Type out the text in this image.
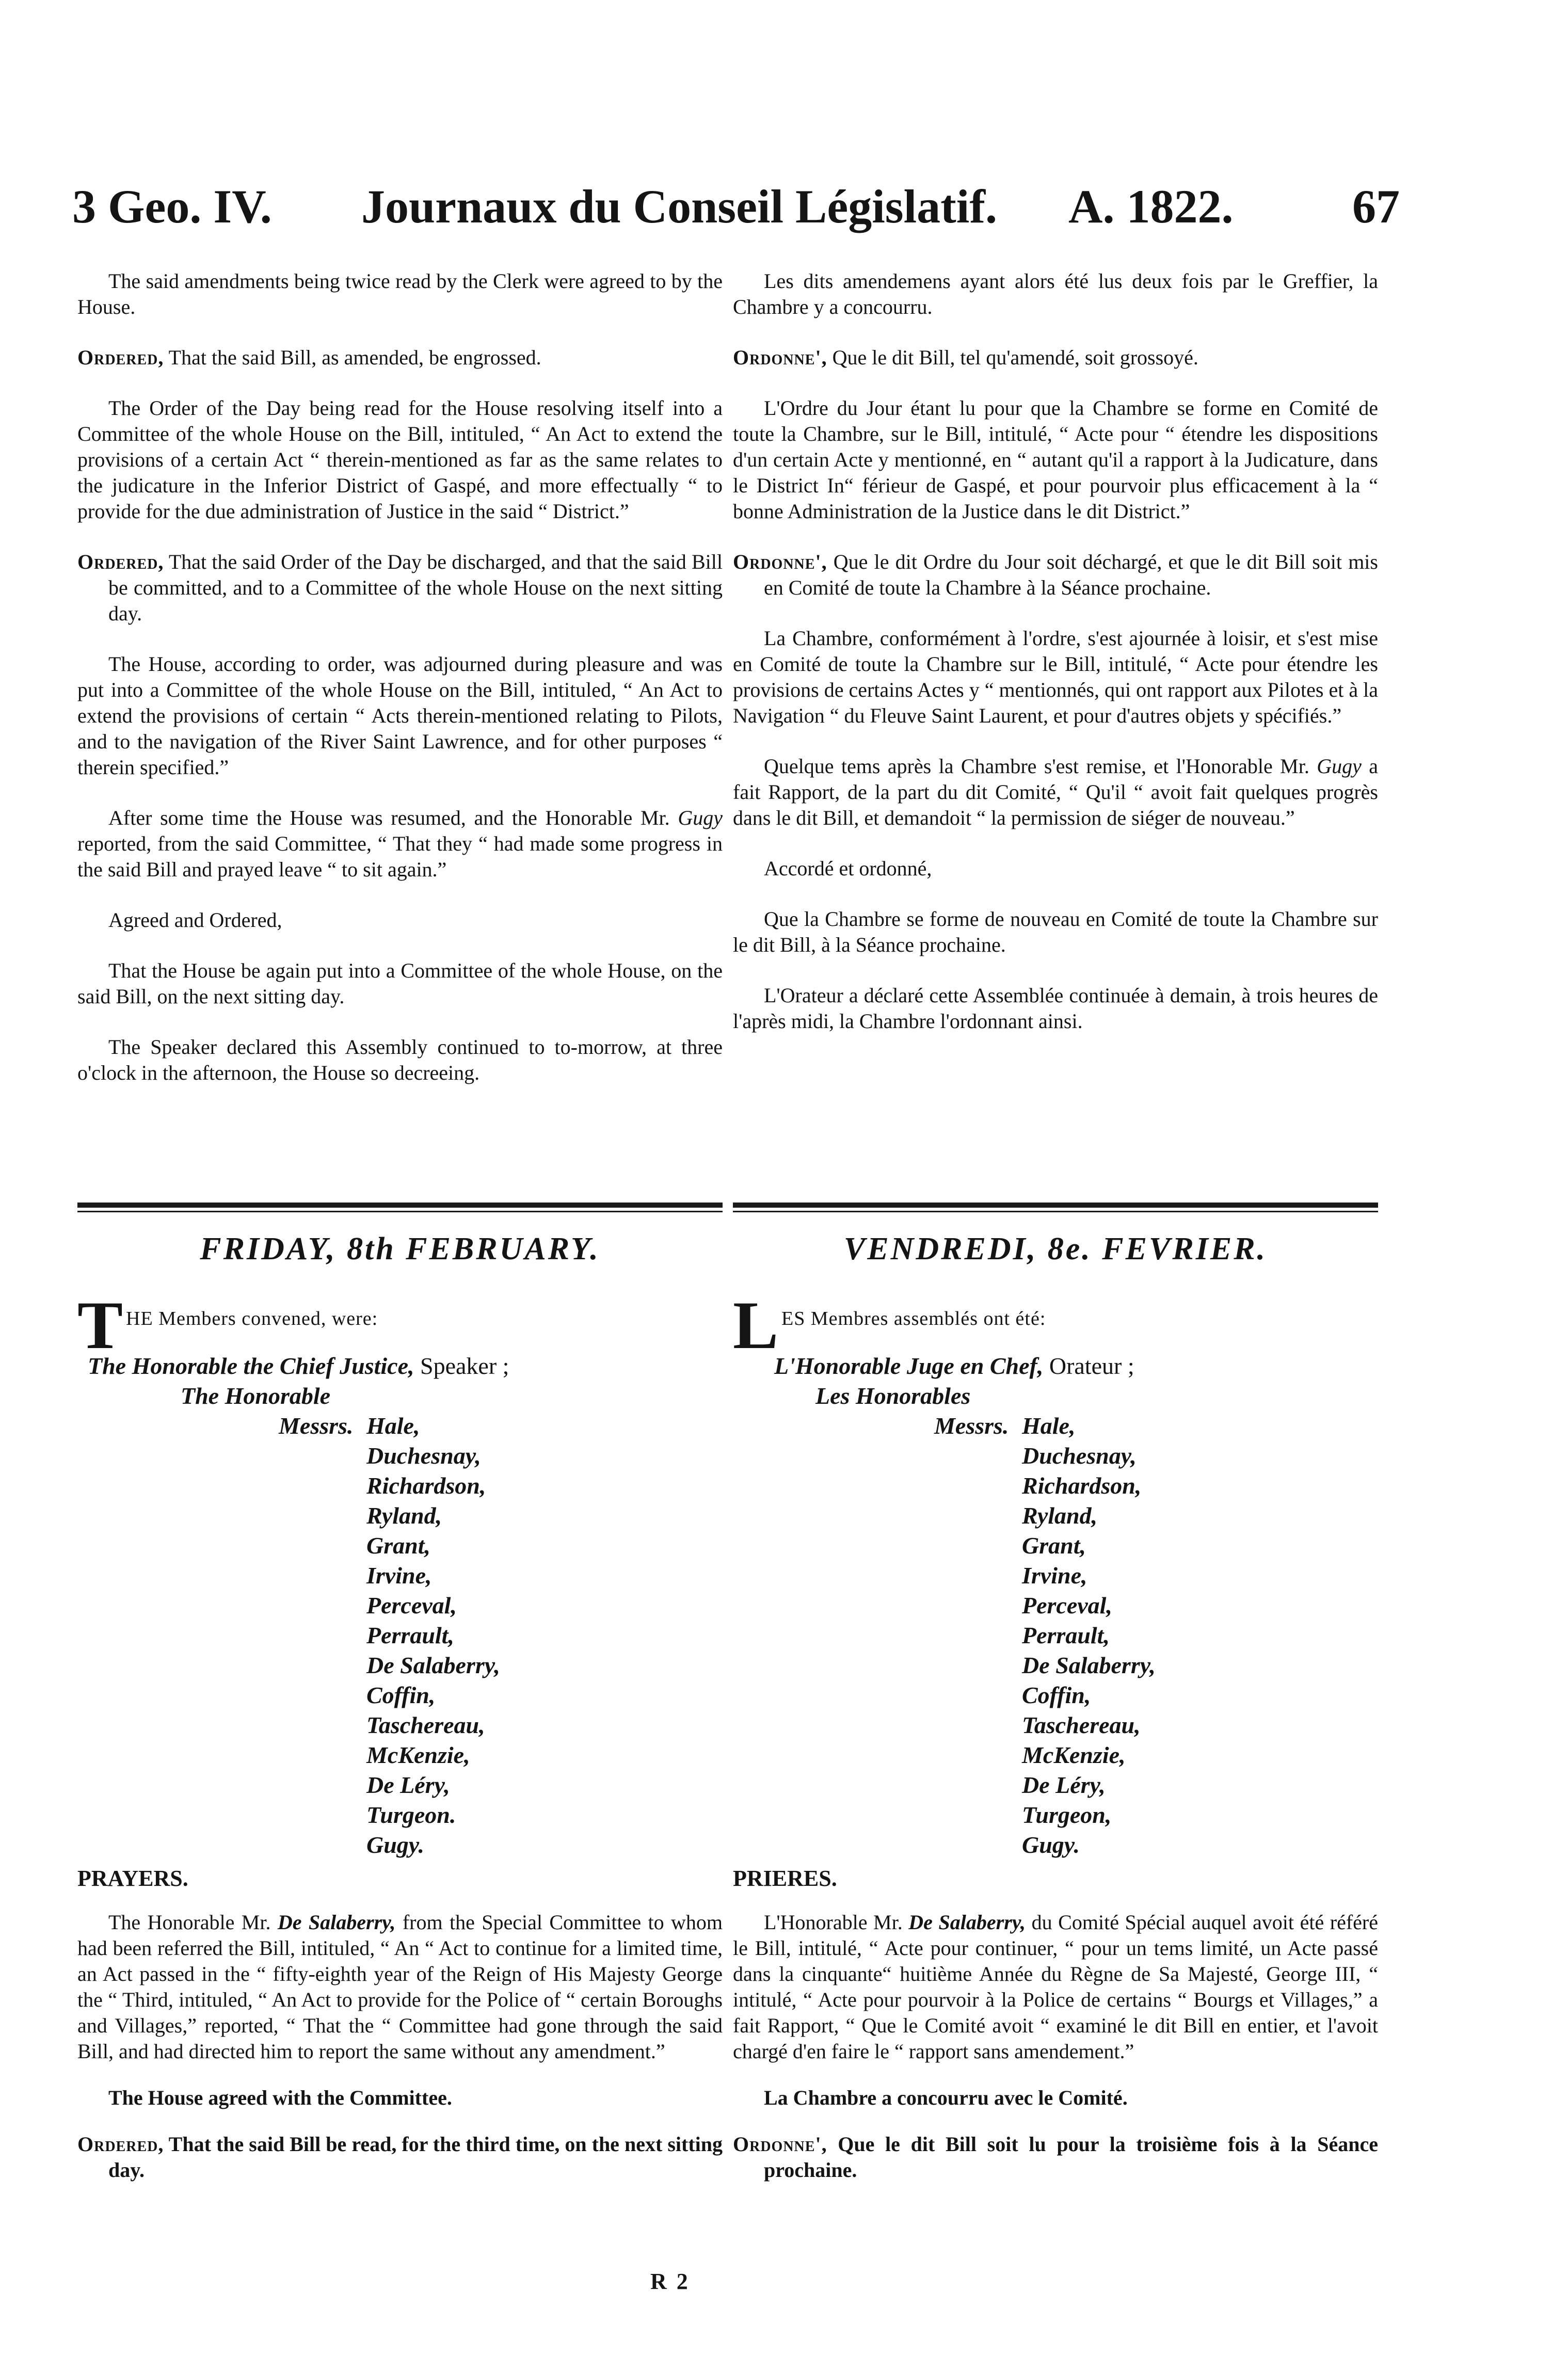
3 Geo. IV. Journaux du Conseil Législatif. A. 1822.	67

The said amendments being twice read by the Clerk were agreed to by the House.

Ordered, That the said Bill, as amended, be engrossed.

The Order of the Day being read for the House resolving itself into a Committee of the whole House on the Bill, intituled, “ An Act to extend the provisions of a certain Act “ therein-mentioned as far as the same relates to the judicature in the Inferior District of Gaspé, and more effectually “ to provide for the due administration of Justice in the said “ District.”

Ordered, That the said Order of the Day be discharged, and that the said Bill be committed, and to a Committee of the whole House on the next sitting day.

The House, according to order, was adjourned during pleasure and was put into a Committee of the whole House on the Bill, intituled, “ An Act to extend the provisions of certain “ Acts therein-mentioned relating to Pilots, and to the navigation of the River Saint Lawrence, and for other purposes “ therein specified.”

After some time the House was resumed, and the Honorable Mr. Gugy reported, from the said Committee, “ That they “ had made some progress in the said Bill and prayed leave “ to sit again.”

Agreed and Ordered,

That the House be again put into a Committee of the whole House, on the said Bill, on the next sitting day.

The Speaker declared this Assembly continued to to-morrow, at three o'clock in the afternoon, the House so decreeing.

Les dits amendemens ayant alors été lus deux fois par le Greffier, la Chambre y a concourru.

Ordonne', Que le dit Bill, tel qu'amendé, soit grossoyé.

L'Ordre du Jour étant lu pour que la Chambre se forme en Comité de toute la Chambre, sur le Bill, intitulé, “ Acte pour “ étendre les dispositions d'un certain Acte y mentionné, en “ autant qu'il a rapport à la Judicature, dans le District In“ férieur de Gaspé, et pour pourvoir plus efficacement à la “ bonne Administration de la Justice dans le dit District.”

Ordonne', Que le dit Ordre du Jour soit déchargé, et que le dit Bill soit mis en Comité de toute la Chambre à la Séance prochaine.

La Chambre, conformément à l'ordre, s'est ajournée à loisir, et s'est mise en Comité de toute la Chambre sur le Bill, intitulé, “ Acte pour étendre les provisions de certains Actes y “ mentionnés, qui ont rapport aux Pilotes et à la Navigation “ du Fleuve Saint Laurent, et pour d'autres objets y spécifiés.”

Quelque tems après la Chambre s'est remise, et l'Honorable Mr. Gugy a fait Rapport, de la part du dit Comité, “ Qu'il “ avoit fait quelques progrès dans le dit Bill, et demandoit “ la permission de siéger de nouveau.”

Accordé et ordonné,

Que la Chambre se forme de nouveau en Comité de toute la Chambre sur le dit Bill, à la Séance prochaine.

L'Orateur a déclaré cette Assemblée continuée à demain, à trois heures de l'après midi, la Chambre l'ordonnant ainsi.

FRIDAY, 8th FEBRUARY.	VENDREDI, 8e. FEVRIER.
T HE Members convened, were:
The Honorable the Chief Justice, Speaker ;
The Honorable
Messrs. Hale,
Duchesnay,
Richardson,
Ryland,
Grant,
Irvine,
Perceval,
Perrault,
De Salaberry,
Coffin,
Taschereau,
McKenzie,
De Léry,
Turgeon.
Gugy.
L ES Membres assemblés ont été:
L'Honorable Juge en Chef, Orateur ;
Les Honorables
Messrs. Hale,
Duchesnay,
Richardson,
Ryland,
Grant,
Irvine,
Perceval,
Perrault,
De Salaberry,
Coffin,
Taschereau,
McKenzie,
De Léry,
Turgeon,
Gugy.
PRAYERS.	PRIERES.

The Honorable Mr. De Salaberry, from the Special Committee to whom had been referred the Bill, intituled, “ An “ Act to continue for a limited time, an Act passed in the “ fifty-eighth year of the Reign of His Majesty George the “ Third, intituled, “ An Act to provide for the Police of “ certain Boroughs and Villages,” reported, “ That the “ Committee had gone through the said Bill, and had directed him to report the same without any amendment.”

The House agreed with the Committee.

Ordered, That the said Bill be read, for the third time, on the next sitting day.

L'Honorable Mr. De Salaberry, du Comité Spécial auquel avoit été référé le Bill, intitulé, “ Acte pour continuer, “ pour un tems limité, un Acte passé dans la cinquante“ huitième Année du Règne de Sa Majesté, George III, “ intitulé, “ Acte pour pourvoir à la Police de certains “ Bourgs et Villages,” a fait Rapport, “ Que le Comité avoit “ examiné le dit Bill en entier, et l'avoit chargé d'en faire le “ rapport sans amendement.”

La Chambre a concourru avec le Comité.

Ordonne', Que le dit Bill soit lu pour la troisième fois à la Séance prochaine.

R 2
